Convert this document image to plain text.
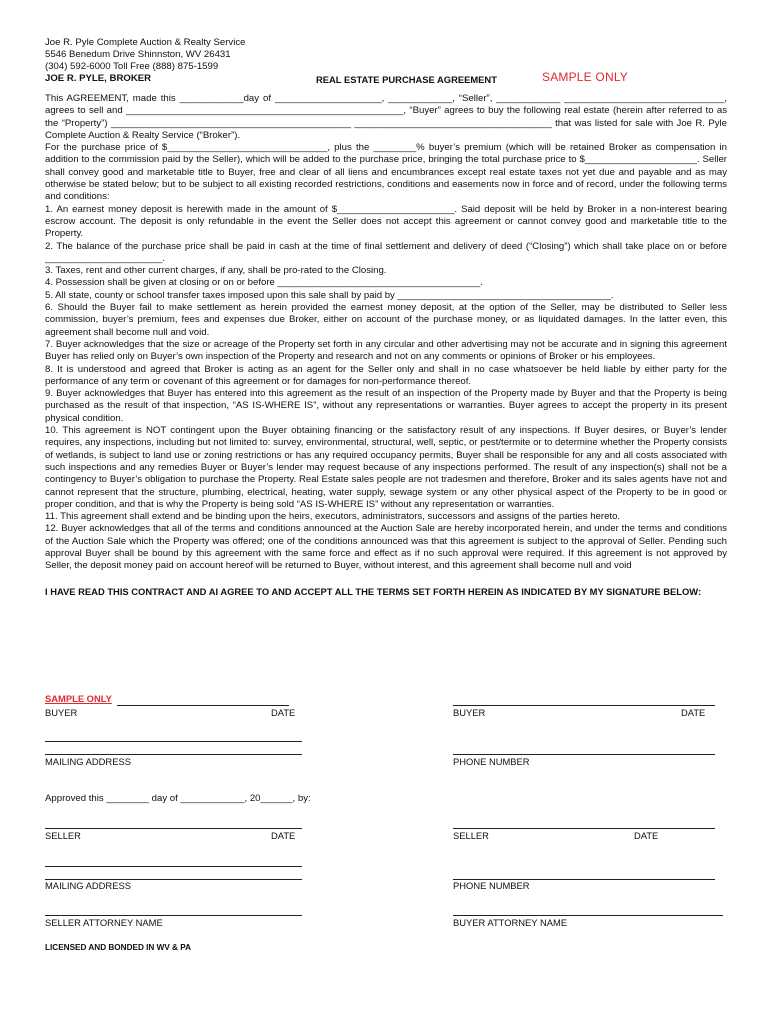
Joe R. Pyle Complete Auction & Realty Service
5546 Benedum Drive Shinnston, WV 26431
(304) 592-6000 Toll Free (888) 875-1599
JOE R. PYLE, BROKER	REAL ESTATE PURCHASE AGREEMENT	SAMPLE ONLY

This AGREEMENT, made this ____________day of ____________________, ____________, “Seller”, ____________ ______________________________, agrees to sell and ____________________________________________________, “Buyer” agrees to buy the following real estate (herein after referred to as the “Property”) _____________________________________________ _____________________________________ that was listed for sale with Joe R. Pyle Complete Auction & Realty Service (“Broker”).

For the purchase price of $______________________________, plus the ________% buyer’s premium (which will be retained Broker as compensation in addition to the commission paid by the Seller), which will be added to the purchase price, bringing the total purchase price to $_____________________. Seller shall convey good and marketable title to Buyer, free and clear of all liens and encumbrances except real estate taxes not yet due and payable and as may otherwise be stated below; but to be subject to all existing recorded restrictions, conditions and easements now in force and of record, under the following terms and conditions:

1. An earnest money deposit is herewith made in the amount of $______________________. Said deposit will be held by Broker in a non-interest bearing escrow account. The deposit is only refundable in the event the Seller does not accept this agreement or cannot convey good and marketable title to the Property.

2. The balance of the purchase price shall be paid in cash at the time of final settlement and delivery of deed (“Closing”) which shall take place on or before ______________________.

3. Taxes, rent and other current charges, if any, shall be pro-rated to the Closing.

4. Possession shall be given at closing or on or before ______________________________________.

5. All state, county or school transfer taxes imposed upon this sale shall by paid by ________________________________________.

6. Should the Buyer fail to make settlement as herein provided the earnest money deposit, at the option of the Seller, may be distributed to Seller less commission, buyer’s premium, fees and expenses due Broker, either on account of the purchase money, or as liquidated damages. In the latter even, this agreement shall become null and void.

7. Buyer acknowledges that the size or acreage of the Property set forth in any circular and other advertising may not be accurate and in signing this agreement Buyer has relied only on Buyer’s own inspection of the Property and research and not on any comments or opinions of Broker or his employees.

8. It is understood and agreed that Broker is acting as an agent for the Seller only and shall in no case whatsoever be held liable by either party for the performance of any term or covenant of this agreement or for damages for non-performance thereof.

9. Buyer acknowledges that Buyer has entered into this agreement as the result of an inspection of the Property made by Buyer and that the Property is being purchased as the result of that inspection, “AS IS-WHERE IS”, without any representations or warranties. Buyer agrees to accept the property in its present physical condition.

10. This agreement is NOT contingent upon the Buyer obtaining financing or the satisfactory result of any inspections. If Buyer desires, or Buyer’s lender requires, any inspections, including but not limited to: survey, environmental, structural, well, septic, or pest/termite or to determine whether the Property consists of wetlands, is subject to land use or zoning restrictions or has any required occupancy permits, Buyer shall be responsible for any and all costs associated with such inspections and any remedies Buyer or Buyer’s lender may request because of any inspections performed. The result of any inspection(s) shall not be a contingency to Buyer’s obligation to purchase the Property. Real Estate sales people are not tradesmen and therefore, Broker and its sales agents have not and cannot represent that the structure, plumbing, electrical, heating, water supply, sewage system or any other physical aspect of the Property to be in good or proper condition, and that is why the Property is being sold “AS IS-WHERE IS” without any representation or warranties.

11. This agreement shall extend and be binding upon the heirs, executors, administrators, successors and assigns of the parties hereto.

12. Buyer acknowledges that all of the terms and conditions announced at the Auction Sale are hereby incorporated herein, and under the terms and conditions of the Auction Sale which the Property was offered; one of the conditions announced was that this agreement is subject to the approval of Seller. Pending such approval Buyer shall be bound by this agreement with the same force and effect as if no such approval were required. If this agreement is not approved by Seller, the deposit money paid on account hereof will be returned to Buyer, without interest, and this agreement shall become null and void

I HAVE READ THIS CONTRACT AND AI AGREE TO AND ACCEPT ALL THE TERMS SET FORTH HEREIN AS INDICATED BY MY SIGNATURE BELOW:
SAMPLE ONLY
BUYER	DATE	BUYER	DATE
MAILING ADDRESS	PHONE NUMBER
Approved this ________ day of ____________, 20______, by:
SELLER	DATE	SELLER	DATE
MAILING ADDRESS	PHONE NUMBER
SELLER ATTORNEY NAME	BUYER ATTORNEY NAME
LICENSED AND BONDED IN WV & PA
